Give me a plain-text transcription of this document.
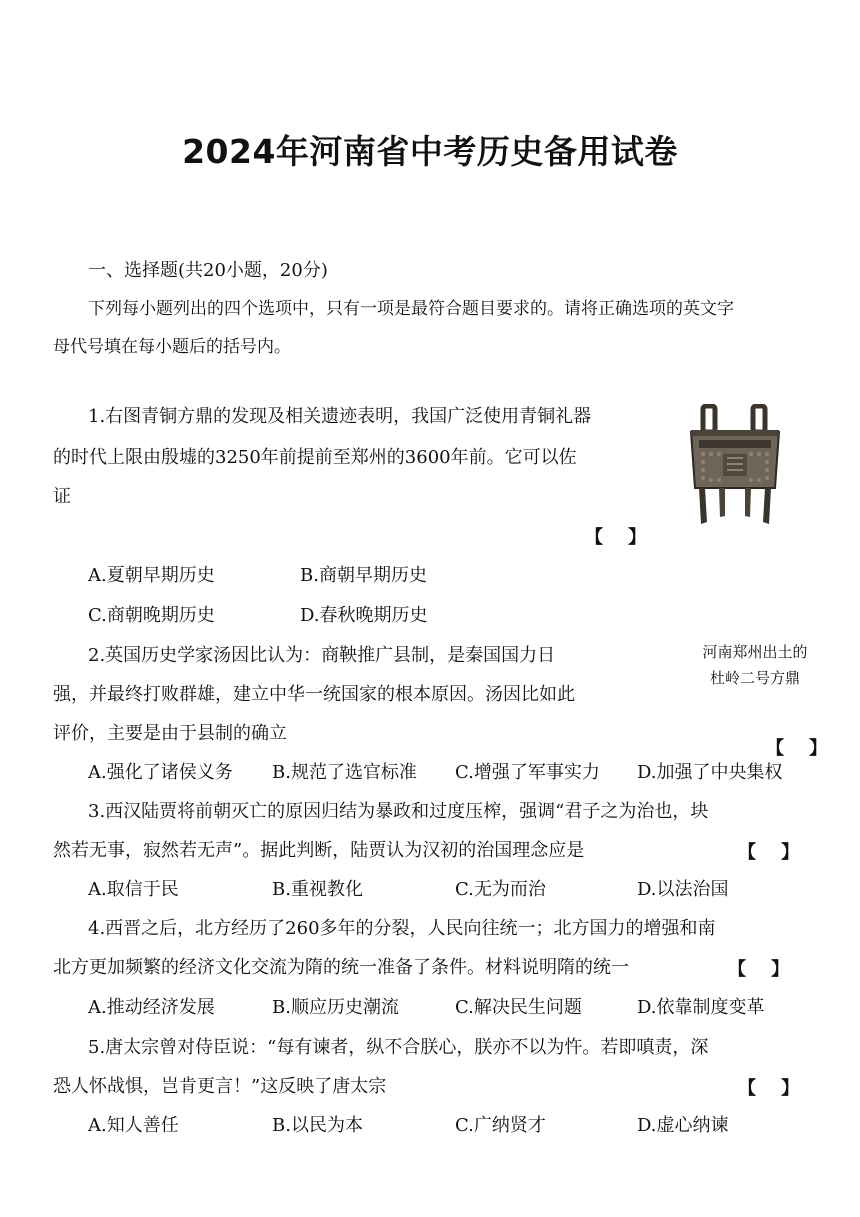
2024年河南省中考历史备用试卷
一、选择题(共20小题，20分)
下列每小题列出的四个选项中，只有一项是最符合题目要求的。请将正确选项的英文字
母代号填在每小题后的括号内。
1.右图青铜方鼎的发现及相关遗迹表明，我国广泛使用青铜礼器
的时代上限由殷墟的3250年前提前至郑州的3600年前。它可以佐
证
【    】
A.夏朝早期历史	B.商朝早期历史
C.商朝晚期历史	D.春秋晚期历史
河南郑州出土的
杜岭二号方鼎
2.英国历史学家汤因比认为：商鞅推广县制，是秦国国力日
强，并最终打败群雄，建立中华一统国家的根本原因。汤因比如此
评价，主要是由于县制的确立
【    】
A.强化了诸侯义务 B.规范了选官标准 C.增强了军事实力 D.加强了中央集权
3.西汉陆贾将前朝灭亡的原因归结为暴政和过度压榨，强调“君子之为治也，块
然若无事，寂然若无声”。据此判断，陆贾认为汉初的治国理念应是	【    】
A.取信于民	B.重视教化	C.无为而治	D.以法治国
4.西晋之后，北方经历了260多年的分裂，人民向往统一；北方国力的增强和南
北方更加频繁的经济文化交流为隋的统一准备了条件。材料说明隋的统一	【    】
A.推动经济发展	B.顺应历史潮流	C.解决民生问题	D.依靠制度变革
5.唐太宗曾对侍臣说：“每有谏者，纵不合朕心，朕亦不以为忤。若即嗔责，深
恐人怀战惧，岂肯更言！”这反映了唐太宗	【    】
A.知人善任	B.以民为本	C.广纳贤才	D.虚心纳谏
